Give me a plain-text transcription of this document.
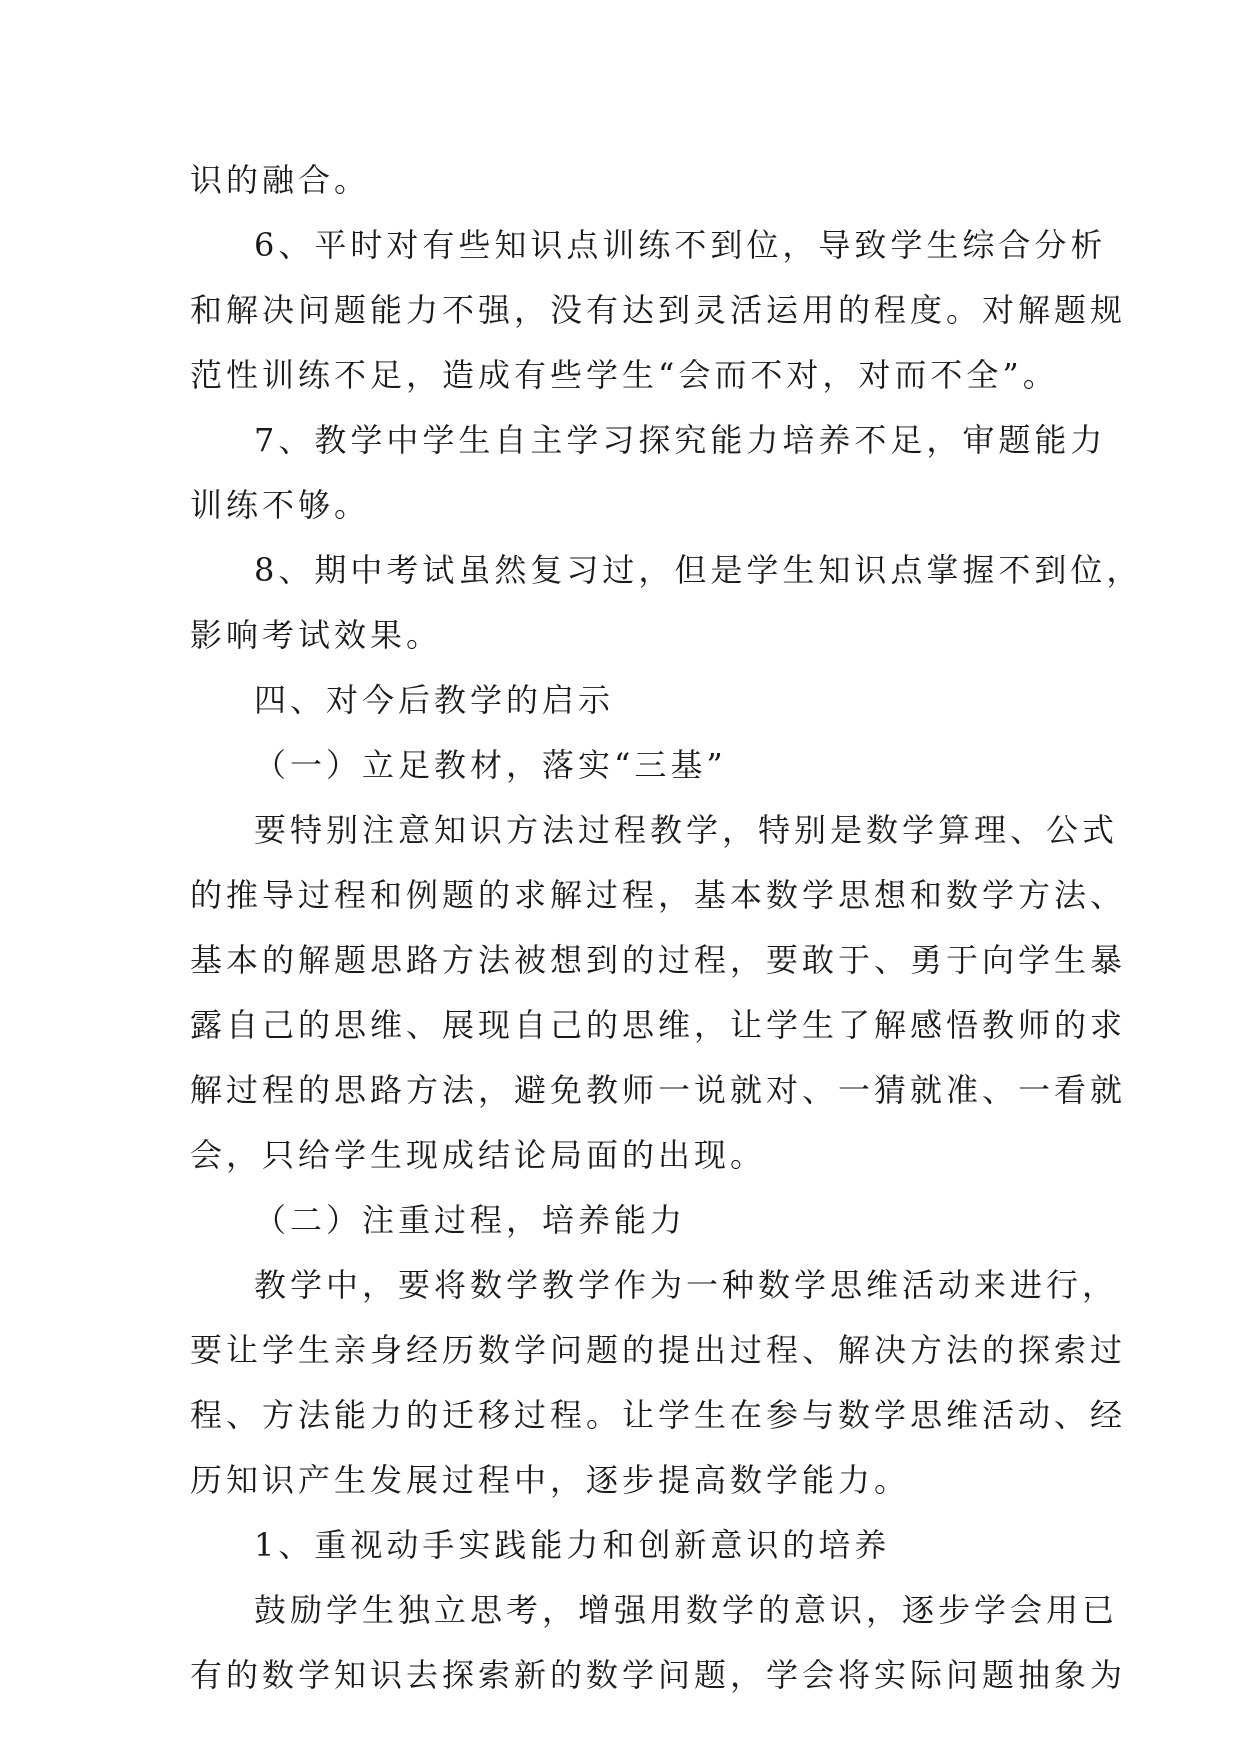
识的融合。
6、平时对有些知识点训练不到位，导致学生综合分析
和解决问题能力不强，没有达到灵活运用的程度。对解题规
范性训练不足，造成有些学生“会而不对，对而不全”。
7、教学中学生自主学习探究能力培养不足，审题能力
训练不够。
8、期中考试虽然复习过，但是学生知识点掌握不到位，
影响考试效果。
四、对今后教学的启示
（一）立足教材，落实“三基”
要特别注意知识方法过程教学，特别是数学算理、公式
的推导过程和例题的求解过程，基本数学思想和数学方法、
基本的解题思路方法被想到的过程，要敢于、勇于向学生暴
露自己的思维、展现自己的思维，让学生了解感悟教师的求
解过程的思路方法，避免教师一说就对、一猜就准、一看就
会，只给学生现成结论局面的出现。
（二）注重过程，培养能力
教学中，要将数学教学作为一种数学思维活动来进行，
要让学生亲身经历数学问题的提出过程、解决方法的探索过
程、方法能力的迁移过程。让学生在参与数学思维活动、经
历知识产生发展过程中，逐步提高数学能力。
1、重视动手实践能力和创新意识的培养
鼓励学生独立思考，增强用数学的意识，逐步学会用已
有的数学知识去探索新的数学问题，学会将实际问题抽象为
